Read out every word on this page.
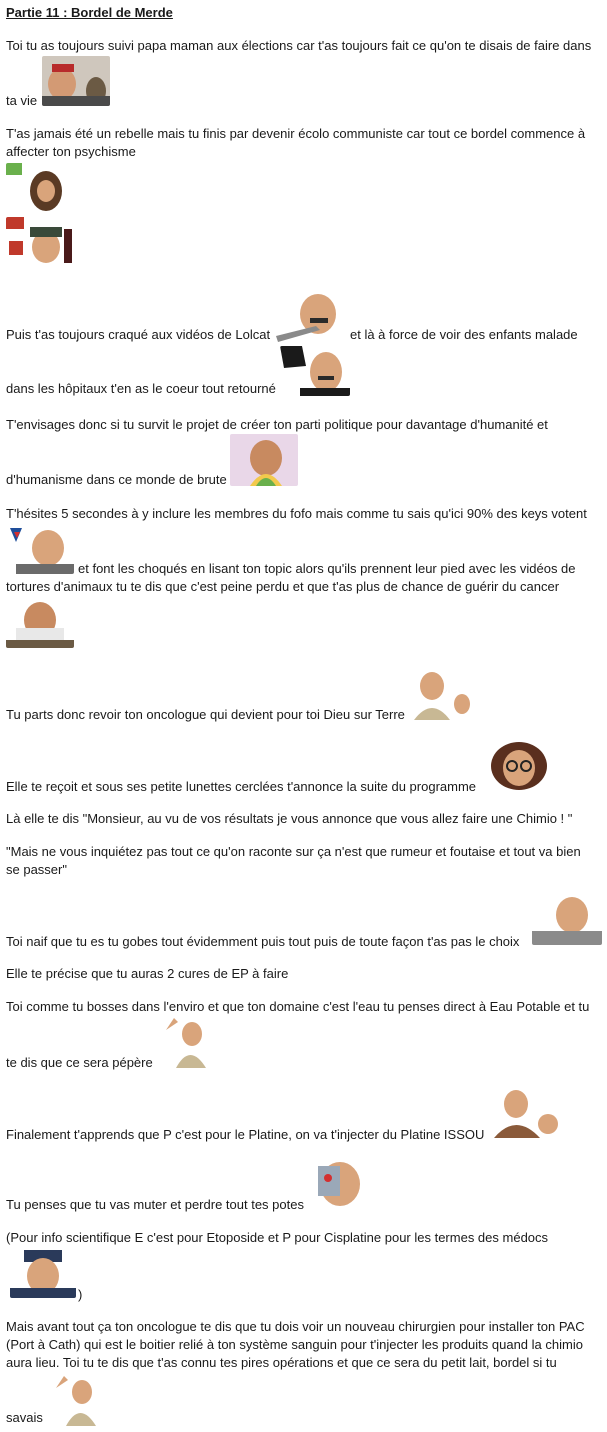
Partie 11 : Bordel de Merde
Toi tu as toujours suivi papa maman aux élections car t'as toujours fait ce qu'on te disais de faire dans
ta vie
T'as jamais été un rebelle mais tu finis par devenir écolo communiste car tout ce bordel commence à
affecter ton psychisme
Puis t'as toujours craqué aux vidéos de Lolcat	et là à force de voir des enfants malade
dans les hôpitaux t'en as le coeur tout retourné
T'envisages donc si tu survit le projet de créer ton parti politique pour davantage d'humanité et
d'humanisme dans ce monde de brute
T'hésites 5 secondes à y inclure les membres du fofo mais comme tu sais qu'ici 90% des keys votent
et font les choqués en lisant ton topic alors qu'ils prennent leur pied avec les vidéos de
tortures d'animaux tu te dis que c'est peine perdu et que t'as plus de chance de guérir du cancer
Tu parts donc revoir ton oncologue qui devient pour toi Dieu sur Terre
Elle te reçoit et sous ses petite lunettes cerclées t'annonce la suite du programme
Là elle te dis "Monsieur, au vu de vos résultats je vous annonce que vous allez faire une Chimio ! "
"Mais ne vous inquiétez pas tout ce qu'on raconte sur ça n'est que rumeur et foutaise et tout va bien
se passer"
Toi naif que tu es tu gobes tout évidemment puis tout puis de toute façon t'as pas le choix
Elle te précise que tu auras 2 cures de EP à faire
Toi comme tu bosses dans l'enviro et que ton domaine c'est l'eau tu penses direct à Eau Potable et tu
te dis que ce sera pépère
Finalement t'apprends que P c'est pour le Platine, on va t'injecter du Platine ISSOU
Tu penses que tu vas muter et perdre tout tes potes
(Pour info scientifique E c'est pour Etoposide et P pour Cisplatine pour les termes des médocs
)
Mais avant tout ça ton oncologue te dis que tu dois voir un nouveau chirurgien pour installer ton PAC
(Port à Cath) qui est le boitier relié à ton système sanguin pour t'injecter les produits quand la chimio
aura lieu. Toi tu te dis que t'as connu tes pires opérations et que ce sera du petit lait, bordel si tu
savais
